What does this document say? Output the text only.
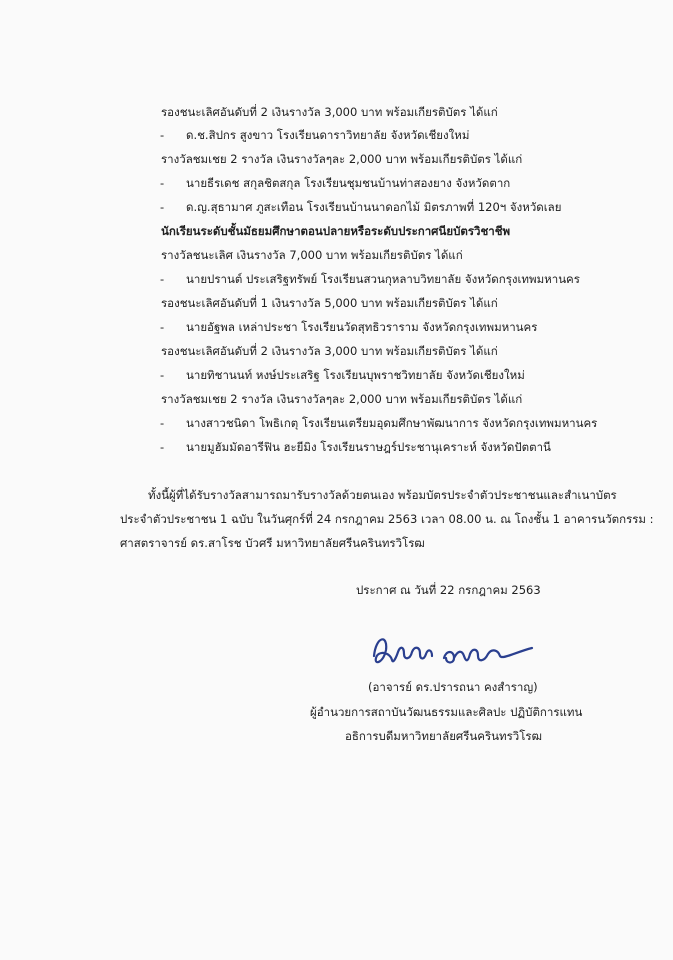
รองชนะเลิศอันดับที่ 2 เงินรางวัล 3,000 บาท พร้อมเกียรติบัตร ได้แก่
- ด.ช.สิปกร สูงขาว โรงเรียนดาราวิทยาลัย จังหวัดเชียงใหม่
รางวัลชมเชย 2 รางวัล เงินรางวัลๆละ 2,000 บาท พร้อมเกียรติบัตร ได้แก่
- นายธีรเดช สกุลชิตสกุล โรงเรียนชุมชนบ้านท่าสองยาง จังหวัดตาก
- ด.ญ.สุธามาศ ภูสะเทือน โรงเรียนบ้านนาดอกไม้ มิตรภาพที่ 120ฯ จังหวัดเลย
นักเรียนระดับชั้นมัธยมศึกษาตอนปลายหรือระดับประกาศนียบัตรวิชาชีพ
รางวัลชนะเลิศ เงินรางวัล 7,000 บาท พร้อมเกียรติบัตร ได้แก่
- นายปรานต์ ประเสริฐทรัพย์ โรงเรียนสวนกุหลาบวิทยาลัย จังหวัดกรุงเทพมหานคร
รองชนะเลิศอันดับที่ 1 เงินรางวัล 5,000 บาท พร้อมเกียรติบัตร ได้แก่
- นายอัฐพล เหล่าประชา โรงเรียนวัดสุทธิวราราม จังหวัดกรุงเทพมหานคร
รองชนะเลิศอันดับที่ 2 เงินรางวัล 3,000 บาท พร้อมเกียรติบัตร ได้แก่
- นายทิชานนท์ หงษ์ประเสริฐ โรงเรียนบุพราชวิทยาลัย จังหวัดเชียงใหม่
รางวัลชมเชย 2 รางวัล เงินรางวัลๆละ 2,000 บาท พร้อมเกียรติบัตร ได้แก่
- นางสาวชนิดา โพธิเกตุ โรงเรียนเตรียมอุดมศึกษาพัฒนาการ จังหวัดกรุงเทพมหานคร
- นายมูฮัมมัดอารีฟิน ฮะยีมิง โรงเรียนราษฎร์ประชานุเคราะห์ จังหวัดปัตตานี
ทั้งนี้ผู้ที่ได้รับรางวัลสามารถมารับรางวัลด้วยตนเอง พร้อมบัตรประจำตัวประชาชนและสำเนาบัตร
ประจำตัวประชาชน 1 ฉบับ ในวันศุกร์ที่ 24 กรกฎาคม 2563 เวลา 08.00 น. ณ โถงชั้น 1 อาคารนวัตกรรม :
ศาสตราจารย์ ดร.สาโรช บัวศรี มหาวิทยาลัยศรีนครินทรวิโรฒ
ประกาศ ณ วันที่ 22 กรกฎาคม 2563
(อาจารย์ ดร.ปรารถนา คงสำราญ)
ผู้อำนวยการสถาบันวัฒนธรรมและศิลปะ ปฏิบัติการแทน
อธิการบดีมหาวิทยาลัยศรีนครินทรวิโรฒ
